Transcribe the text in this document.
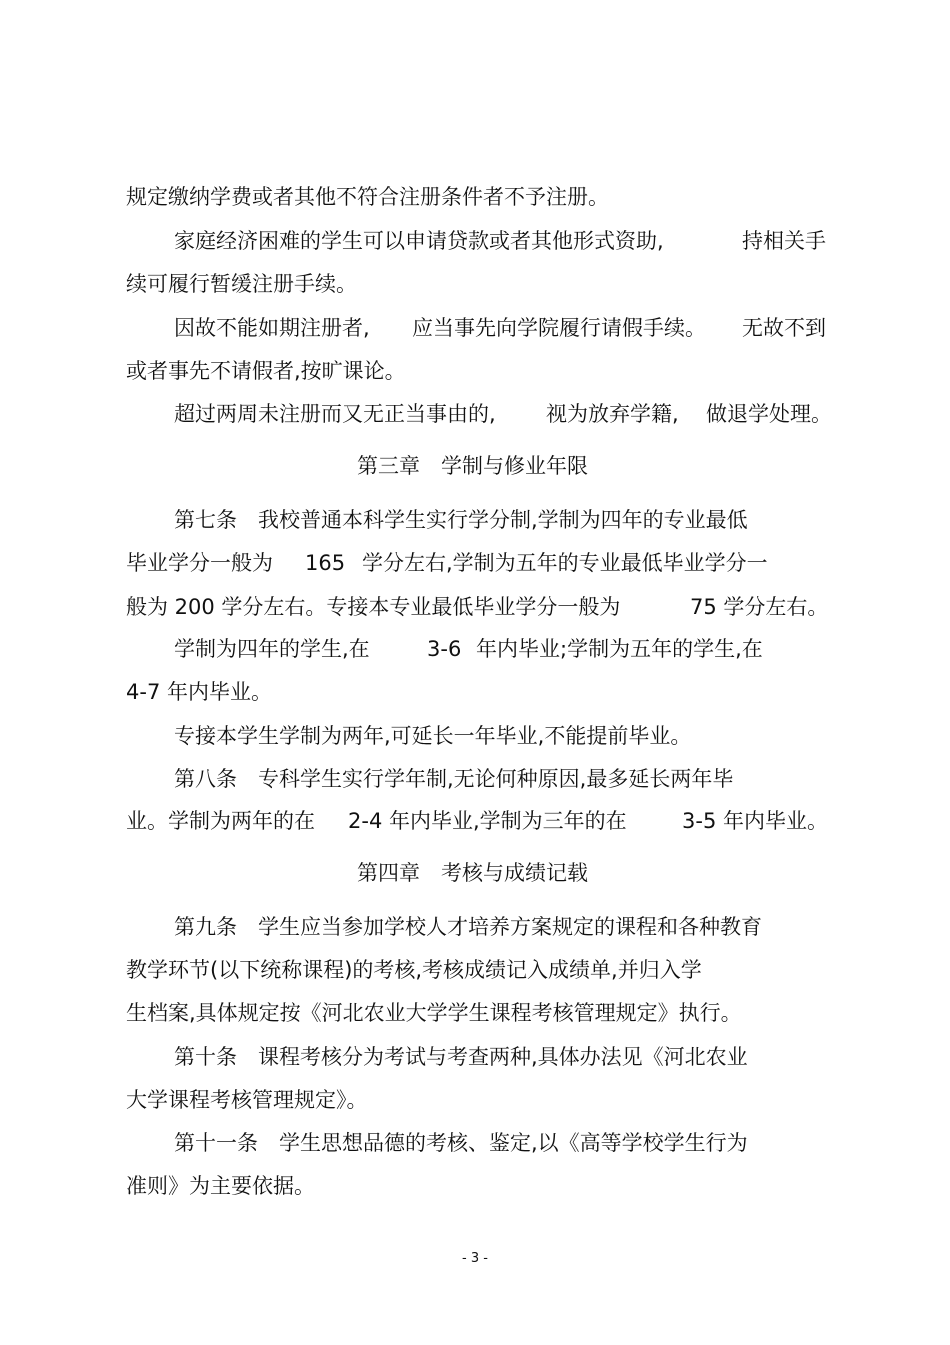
规定缴纳学费或者其他不符合注册条件者不予注册。
家庭经济困难的学生可以申请贷款或者其他形式资助,	持相关手
续可履行暂缓注册手续。
因故不能如期注册者, 应当事先向学院履行请假手续。 无故不到
或者事先不请假者,按旷课论。
超过两周未注册而又无正当事由的, 视为放弃学籍, 做退学处理。
第三章　学制与修业年限
第七条　我校普通本科学生实行学分制,学制为四年的专业最低
毕业学分一般为 165 学分左右,学制为五年的专业最低毕业学分一
般为 200 学分左右。专接本专业最低毕业学分一般为	75 学分左右。
学制为四年的学生,在	3-6 年内毕业;学制为五年的学生,在
4-7 年内毕业。
专接本学生学制为两年,可延长一年毕业,不能提前毕业。
第八条　专科学生实行学年制,无论何种原因,最多延长两年毕
业。学制为两年的在 2-4 年内毕业,学制为三年的在	3-5 年内毕业。
第四章　考核与成绩记载
第九条　学生应当参加学校人才培养方案规定的课程和各种教育
教学环节(以下统称课程)的考核,考核成绩记入成绩单,并归入学
生档案,具体规定按《河北农业大学学生课程考核管理规定》执行。
第十条　课程考核分为考试与考查两种,具体办法见《河北农业
大学课程考核管理规定》。
第十一条　学生思想品德的考核、鉴定,以《高等学校学生行为
准则》为主要依据。
- 3 -
